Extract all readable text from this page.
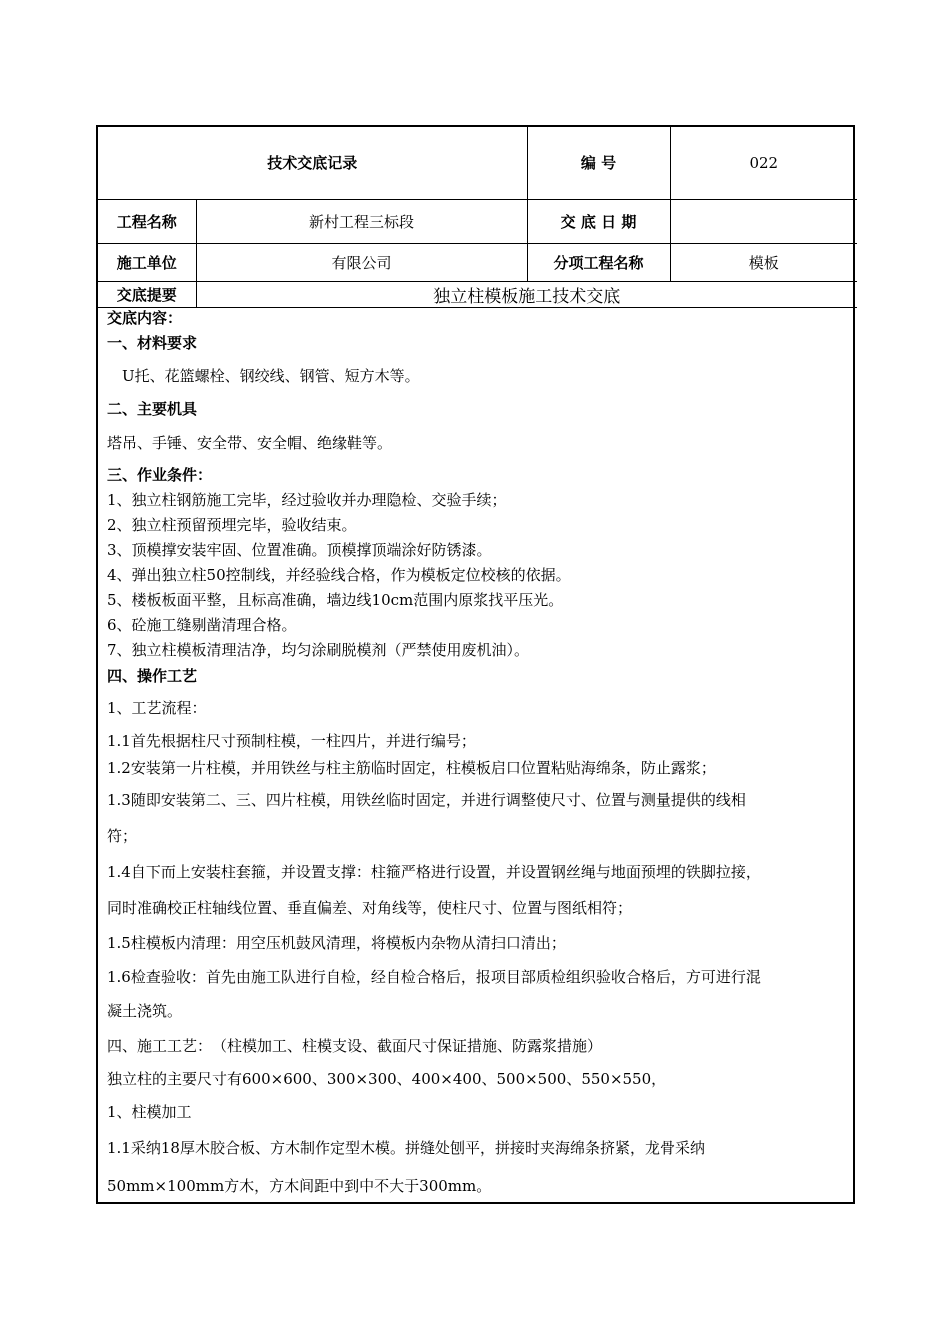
技术交底记录		编 号	022
工程名称	新村工程三标段	交 底 日 期	
施工单位	有限公司	分项工程名称	模板
交底提要	独立柱模板施工技术交底		
交底内容：
一、材料要求
　U托、花篮螺栓、钢绞线、钢管、短方木等。
二、主要机具
塔吊、手锤、安全带、安全帽、绝缘鞋等。
三、作业条件：
1、独立柱钢筋施工完毕，经过验收并办理隐检、交验手续；
2、独立柱预留预埋完毕，验收结束。
3、顶模撑安装牢固、位置准确。顶模撑顶端涂好防锈漆。
4、弹出独立柱50控制线，并经验线合格，作为模板定位校核的依据。
5、楼板板面平整，且标高准确，墙边线10cm范围内原浆找平压光。
6、砼施工缝剔凿清理合格。
7、独立柱模板清理洁净，均匀涂刷脱模剂（严禁使用废机油）。
四、操作工艺
1、工艺流程：
1.1首先根据柱尺寸预制柱模，一柱四片，并进行编号；
1.2安装第一片柱模，并用铁丝与柱主筋临时固定，柱模板启口位置粘贴海绵条，防止露浆；
1.3随即安装第二、三、四片柱模，用铁丝临时固定，并进行调整使尺寸、位置与测量提供的线相
符；
1.4自下而上安装柱套箍，并设置支撑：柱箍严格进行设置，并设置钢丝绳与地面预埋的铁脚拉接，
同时准确校正柱轴线位置、垂直偏差、对角线等，使柱尺寸、位置与图纸相符；
1.5柱模板内清理：用空压机鼓风清理，将模板内杂物从清扫口清出；
1.6检查验收：首先由施工队进行自检，经自检合格后，报项目部质检组织验收合格后，方可进行混
凝土浇筑。
四、施工工艺：　（柱模加工、柱模支设、截面尺寸保证措施、防露浆措施）
独立柱的主要尺寸有600×600、300×300、400×400、500×500、550×550，
1、柱模加工
1.1采纳18厚木胶合板、方木制作定型木模。拼缝处刨平，拼接时夹海绵条挤紧，龙骨采纳
50mm×100mm方木，方木间距中到中不大于300mm。
